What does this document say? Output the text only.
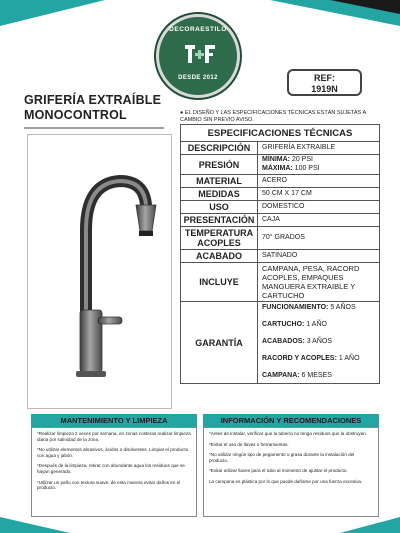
DECORAESTILO
DESDE 2012	REF:
1919N
GRIFERÍA EXTRAÍBLE
MONOCONTROL	● EL DISEÑO Y LAS ESPECIFICACIONES TÉCNICAS ESTÁN SUJETAS A CAMBIO SIN PREVIO AVISO.
ESPECIFICACIONES TÉCNICAS	
DESCRIPCIÓN	GRIFERÍA EXTRAIBLE
PRESIÓN	MÍNIMA: 20 PSI
MÁXIMA: 100 PSI

MATERIAL	ACERO
MEDIDAS	50 CM X 17 CM
USO	DOMESTICO
PRESENTACIÓN	CAJA
TEMPERATURA ACOPLES	70° GRADOS
ACABADO	SATINADO
INCLUYE	CAMPANA, PESA, RACORD ACOPLES, EMPAQUES MANGUERA EXTRAIBLE Y CARTUCHO
GARANTÍA	FUNCIONAMIENTO: 5 AÑOS
CARTUCHO: 1 AÑO
ACABADOS: 3 AÑOS
RACORD Y ACOPLES: 1 AÑO
CAMPANA: 6 MESES
MANTENIMIENTO Y LIMPIEZA

*Realizar limpieza 2 veces por semana, en zonas costeras realizar limpieza diaria por salinidad de la zona.

*No utilizar elementos abrasivos, ácidos o disolventes. Limpiar el producto con agua y jabón.

*Después de la limpieza, retirar con abundante agua los residuos que se hayan generado.

*Utilizar un paño con textura suave, de esta manera evitar daños en el producto.

INFORMACIÓN Y RECOMENDACIONES

*Antes de instalar, verificar que la tubería no tenga residuos que la obstruyan.

*Evitar el uso de llaves o herramientas.

*No utilizar ningún tipo de pegamento o grasa durante la instalación del producto.

*Evitar utilizar llaves para el tubo al momento de ajustar el producto.

La campana es plástica por lo que puede dañarse por una fuerza excesiva.
